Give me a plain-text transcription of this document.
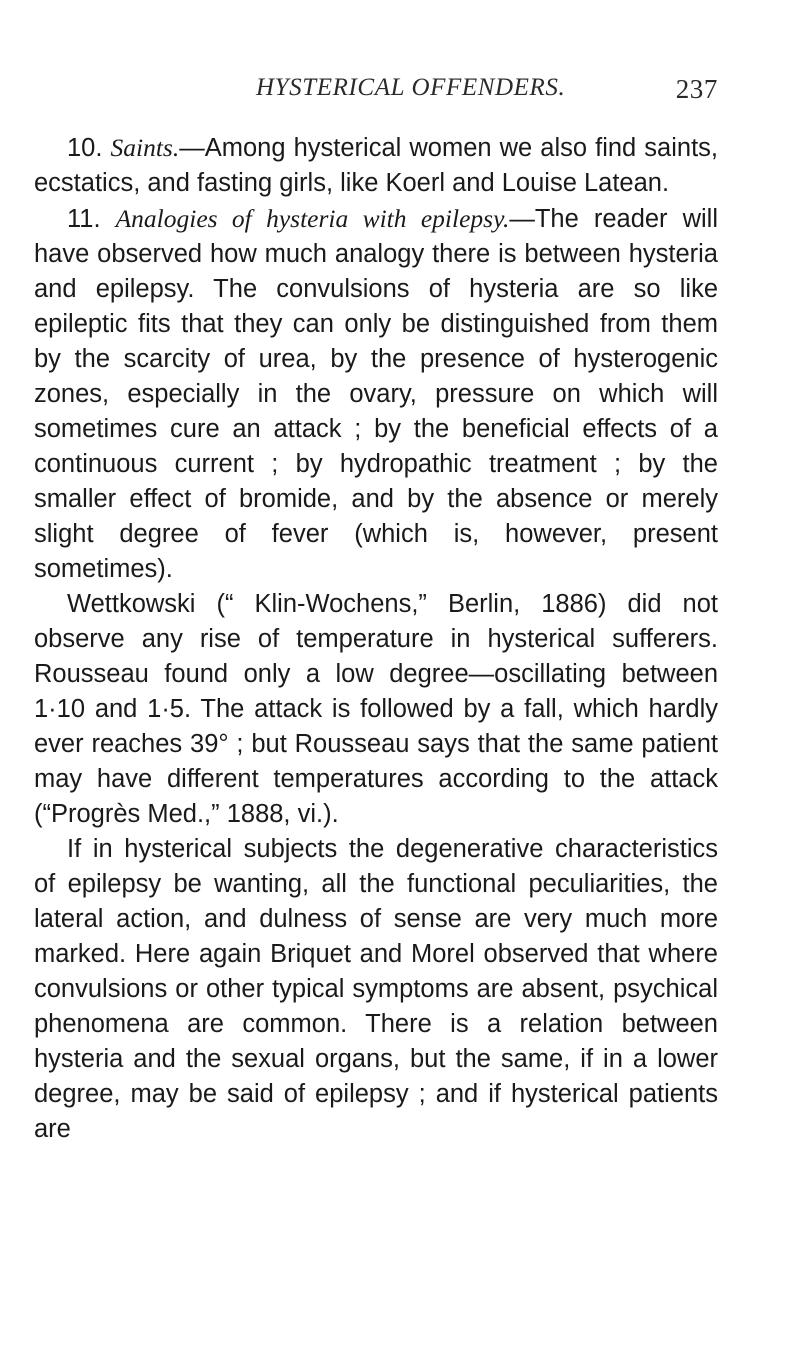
HYSTERICAL OFFENDERS.	237

10. Saints.—Among hysterical women we also find saints, ecstatics, and fasting girls, like Koerl and Louise Latean.

11. Analogies of hysteria with epilepsy.—The reader will have observed how much analogy there is between hysteria and epilepsy. The convulsions of hysteria are so like epileptic fits that they can only be distinguished from them by the scarcity of urea, by the presence of hysterogenic zones, especially in the ovary, pressure on which will sometimes cure an attack ; by the beneficial effects of a continuous current ; by hydropathic treatment ; by the smaller effect of bromide, and by the absence or merely slight degree of fever (which is, however, present sometimes).

Wettkowski (“ Klin-Wochens,” Berlin, 1886) did not observe any rise of temperature in hysterical sufferers. Rousseau found only a low degree—oscillating between 1·10 and 1·5. The attack is followed by a fall, which hardly ever reaches 39° ; but Rousseau says that the same patient may have different temperatures according to the attack (“Progrès Med.,” 1888, vi.).

If in hysterical subjects the degenerative characteristics of epilepsy be wanting, all the functional peculiarities, the lateral action, and dulness of sense are very much more marked. Here again Briquet and Morel observed that where convulsions or other typical symptoms are absent, psychical phenomena are common. There is a relation between hysteria and the sexual organs, but the same, if in a lower degree, may be said of epilepsy ; and if hysterical patients are
